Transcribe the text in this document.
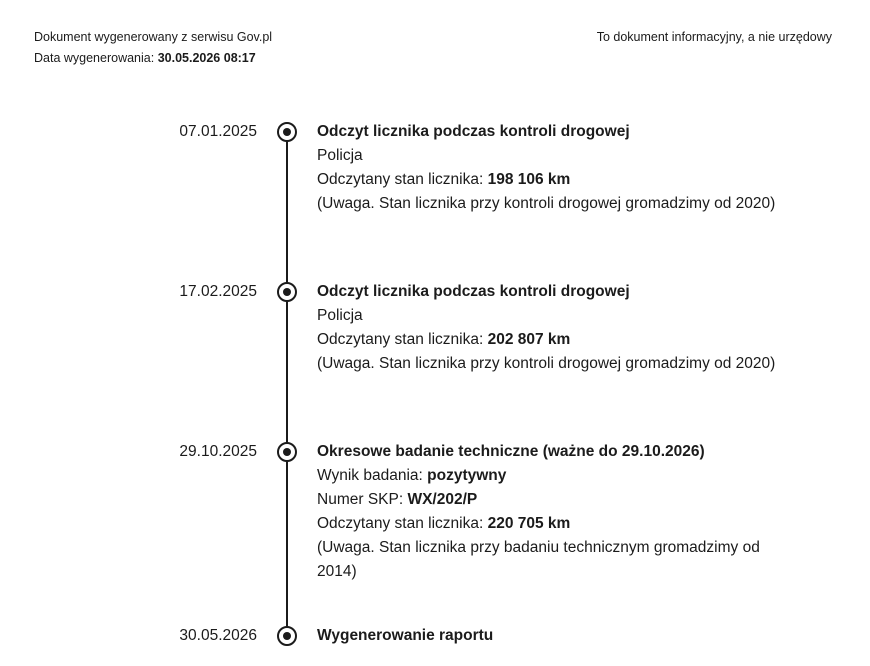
Dokument wygenerowany z serwisu Gov.pl
Data wygenerowania: 30.05.2026 08:17
To dokument informacyjny, a nie urzędowy
07.01.2025	Odczyt licznika podczas kontroli drogowej
Policja
Odczytany stan licznika: 198 106 km
(Uwaga. Stan licznika przy kontroli drogowej gromadzimy od 2020)
17.02.2025	Odczyt licznika podczas kontroli drogowej
Policja
Odczytany stan licznika: 202 807 km
(Uwaga. Stan licznika przy kontroli drogowej gromadzimy od 2020)
29.10.2025	Okresowe badanie techniczne (ważne do 29.10.2026)
Wynik badania: pozytywny
Numer SKP: WX/202/P
Odczytany stan licznika: 220 705 km
(Uwaga. Stan licznika przy badaniu technicznym gromadzimy od 2014)
30.05.2026	Wygenerowanie raportu
